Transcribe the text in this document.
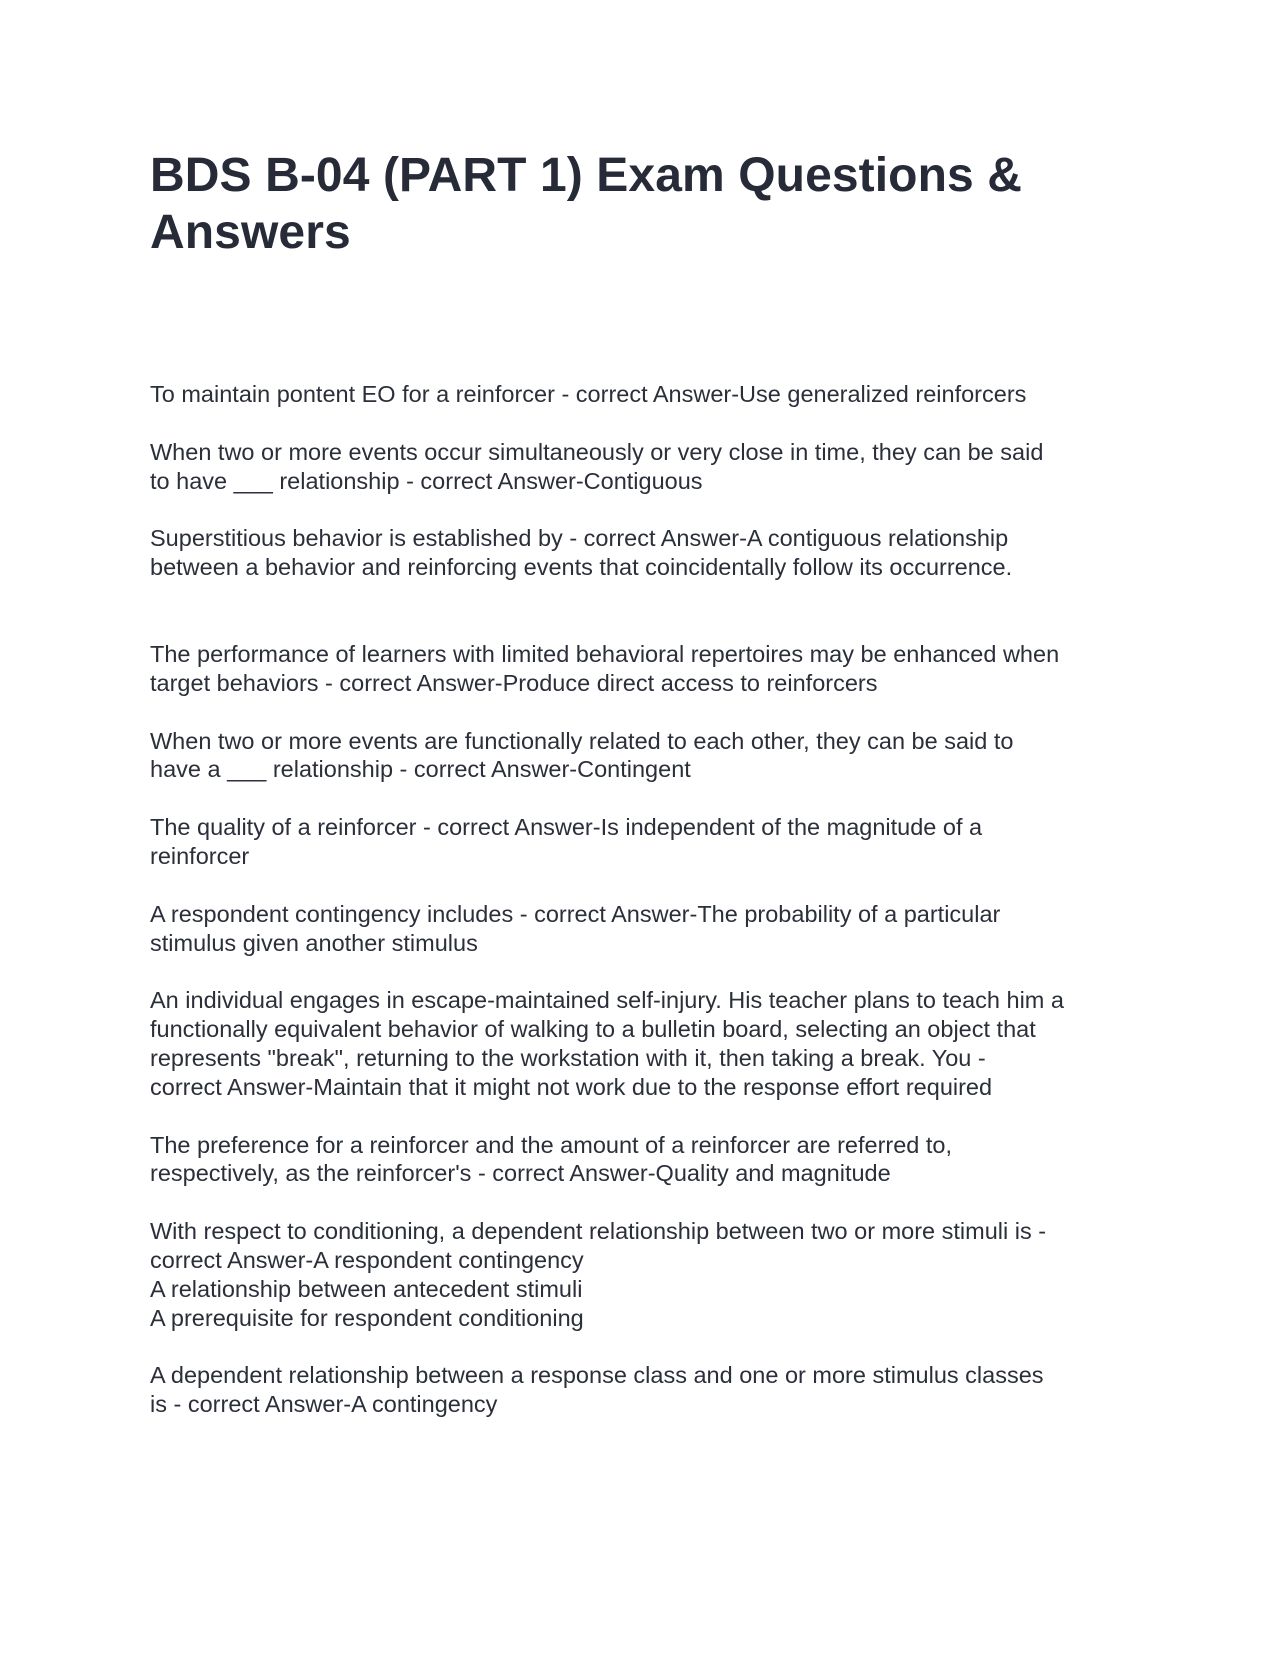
BDS B-04 (PART 1) Exam Questions & Answers

To maintain pontent EO for a reinforcer - correct Answer-Use generalized reinforcers

When two or more events occur simultaneously or very close in time, they can be said
to have ___ relationship - correct Answer-Contiguous

Superstitious behavior is established by - correct Answer-A contiguous relationship
between a behavior and reinforcing events that coincidentally follow its occurrence.

The performance of learners with limited behavioral repertoires may be enhanced when
target behaviors - correct Answer-Produce direct access to reinforcers

When two or more events are functionally related to each other, they can be said to
have a ___ relationship - correct Answer-Contingent

The quality of a reinforcer - correct Answer-Is independent of the magnitude of a
reinforcer

A respondent contingency includes - correct Answer-The probability of a particular
stimulus given another stimulus

An individual engages in escape-maintained self-injury. His teacher plans to teach him a
functionally equivalent behavior of walking to a bulletin board, selecting an object that
represents "break", returning to the workstation with it, then taking a break. You -
correct Answer-Maintain that it might not work due to the response effort required

The preference for a reinforcer and the amount of a reinforcer are referred to,
respectively, as the reinforcer's - correct Answer-Quality and magnitude

With respect to conditioning, a dependent relationship between two or more stimuli is -
correct Answer-A respondent contingency
A relationship between antecedent stimuli
A prerequisite for respondent conditioning

A dependent relationship between a response class and one or more stimulus classes
is - correct Answer-A contingency
